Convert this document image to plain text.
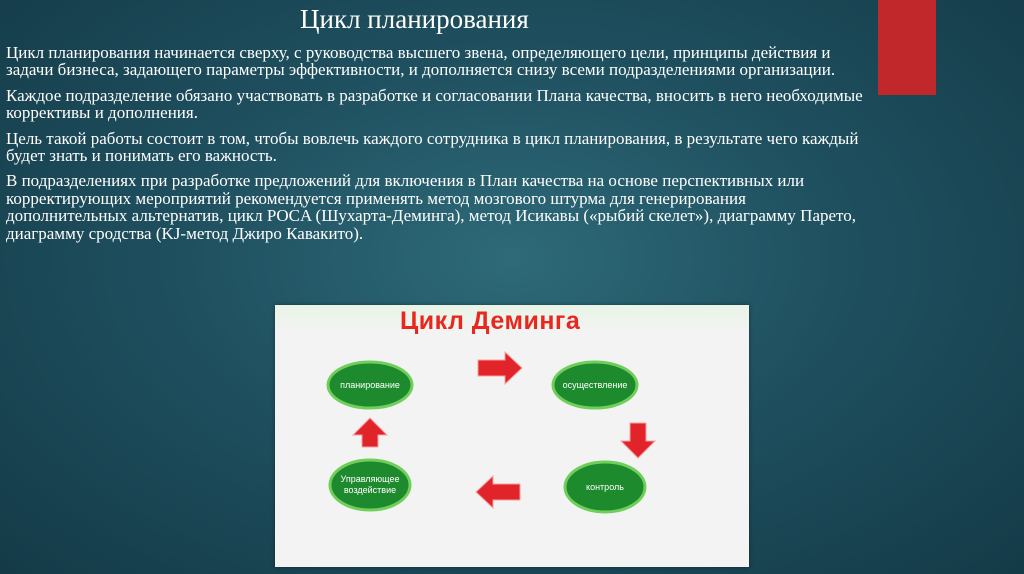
Цикл планирования

Цикл планирования начинается сверху, с руководства высшего звена, определяющего цели, принципы действия и задачи бизнеса, задающего параметры эффективности, и дополняется снизу всеми подразделениями организации.

Каждое подразделение обязано участвовать в разработке и согласовании Плана качества, вносить в него необходимые коррективы и дополнения.

Цель такой работы состоит в том, чтобы вовлечь каждого сотрудника в цикл планирования, в результате чего каждый будет знать и понимать его важность.

В подразделениях при разработке предложений для включения в План качества на основе перспективных или корректирующих мероприятий рекомендуется применять метод мозгового штурма для генерирования дополнительных альтернатив, цикл PОCA (Шухарта-Деминга), метод Исикавы («рыбий скелет»), диаграмму Парето, диаграмму сродства (KJ-метод Джиро Кавакито).

Цикл Деминга
планирование	осуществление
контроль
Управляющее воздействие
